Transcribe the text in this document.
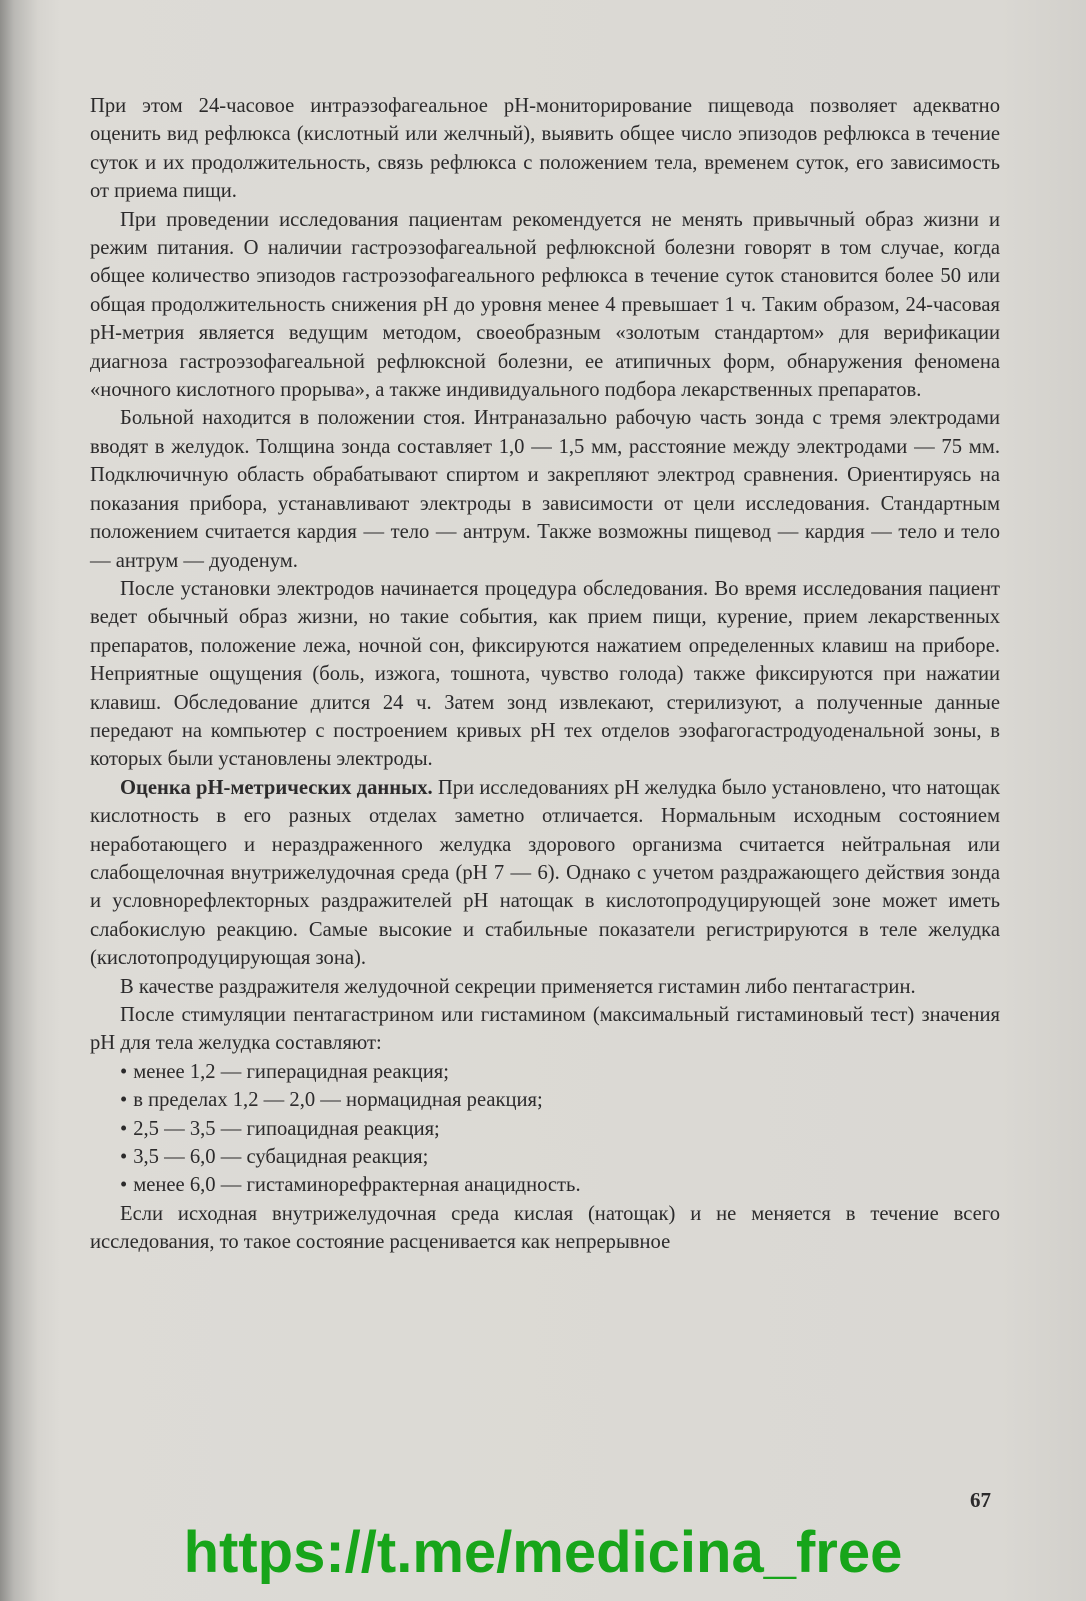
При этом 24-часовое интраэзофагеальное рН-мониторирование пищевода позволяет адекватно оценить вид рефлюкса (кислотный или желчный), выявить общее число эпизодов рефлюкса в течение суток и их продолжительность, связь рефлюкса с положением тела, временем суток, его зависимость от приема пищи.

При проведении исследования пациентам рекомендуется не менять привычный образ жизни и режим питания. О наличии гастроэзофагеальной рефлюксной болезни говорят в том случае, когда общее количество эпизодов гастроэзофагеального рефлюкса в течение суток становится более 50 или общая продолжительность снижения рН до уровня менее 4 превышает 1 ч. Таким образом, 24-часовая рН-метрия является ведущим методом, своеобразным «золотым стандартом» для верификации диагноза гастроэзофагеальной рефлюксной болезни, ее атипичных форм, обнаружения феномена «ночного кислотного прорыва», а также индивидуального подбора лекарственных препаратов.

Больной находится в положении стоя. Интраназально рабочую часть зонда с тремя электродами вводят в желудок. Толщина зонда составляет 1,0 — 1,5 мм, расстояние между электродами — 75 мм. Подключичную область обрабатывают спиртом и закрепляют электрод сравнения. Ориентируясь на показания прибора, устанавливают электроды в зависимости от цели исследования. Стандартным положением считается кардия — тело — антрум. Также возможны пищевод — кардия — тело и тело — антрум — дуоденум.

После установки электродов начинается процедура обследования. Во время исследования пациент ведет обычный образ жизни, но такие события, как прием пищи, курение, прием лекарственных препаратов, положение лежа, ночной сон, фиксируются нажатием определенных клавиш на приборе. Неприятные ощущения (боль, изжога, тошнота, чувство голода) также фиксируются при нажатии клавиш. Обследование длится 24 ч. Затем зонд извлекают, стерилизуют, а полученные данные передают на компьютер с построением кривых рН тех отделов эзофагогастродуоденальной зоны, в которых были установлены электроды.

Оценка рН-метрических данных. При исследованиях рН желудка было установлено, что натощак кислотность в его разных отделах заметно отличается. Нормальным исходным состоянием неработающего и нераздраженного желудка здорового организма считается нейтральная или слабощелочная внутрижелудочная среда (рН 7 — 6). Однако с учетом раздражающего действия зонда и условнорефлекторных раздражителей рН натощак в кислотопродуцирующей зоне может иметь слабокислую реакцию. Самые высокие и стабильные показатели регистрируются в теле желудка (кислотопродуцирующая зона).

В качестве раздражителя желудочной секреции применяется гистамин либо пентагастрин.

После стимуляции пентагастрином или гистамином (максимальный гистаминовый тест) значения рН для тела желудка составляют:

• менее 1,2 — гиперацидная реакция;
• в пределах 1,2 — 2,0 — нормацидная реакция;
• 2,5 — 3,5 — гипоацидная реакция;
• 3,5 — 6,0 — субацидная реакция;
• менее 6,0 — гистаминорефрактерная анацидность.

Если исходная внутрижелудочная среда кислая (натощак) и не меняется в течение всего исследования, то такое состояние расценивается как непрерывное

67
https://t.me/medicina_free
